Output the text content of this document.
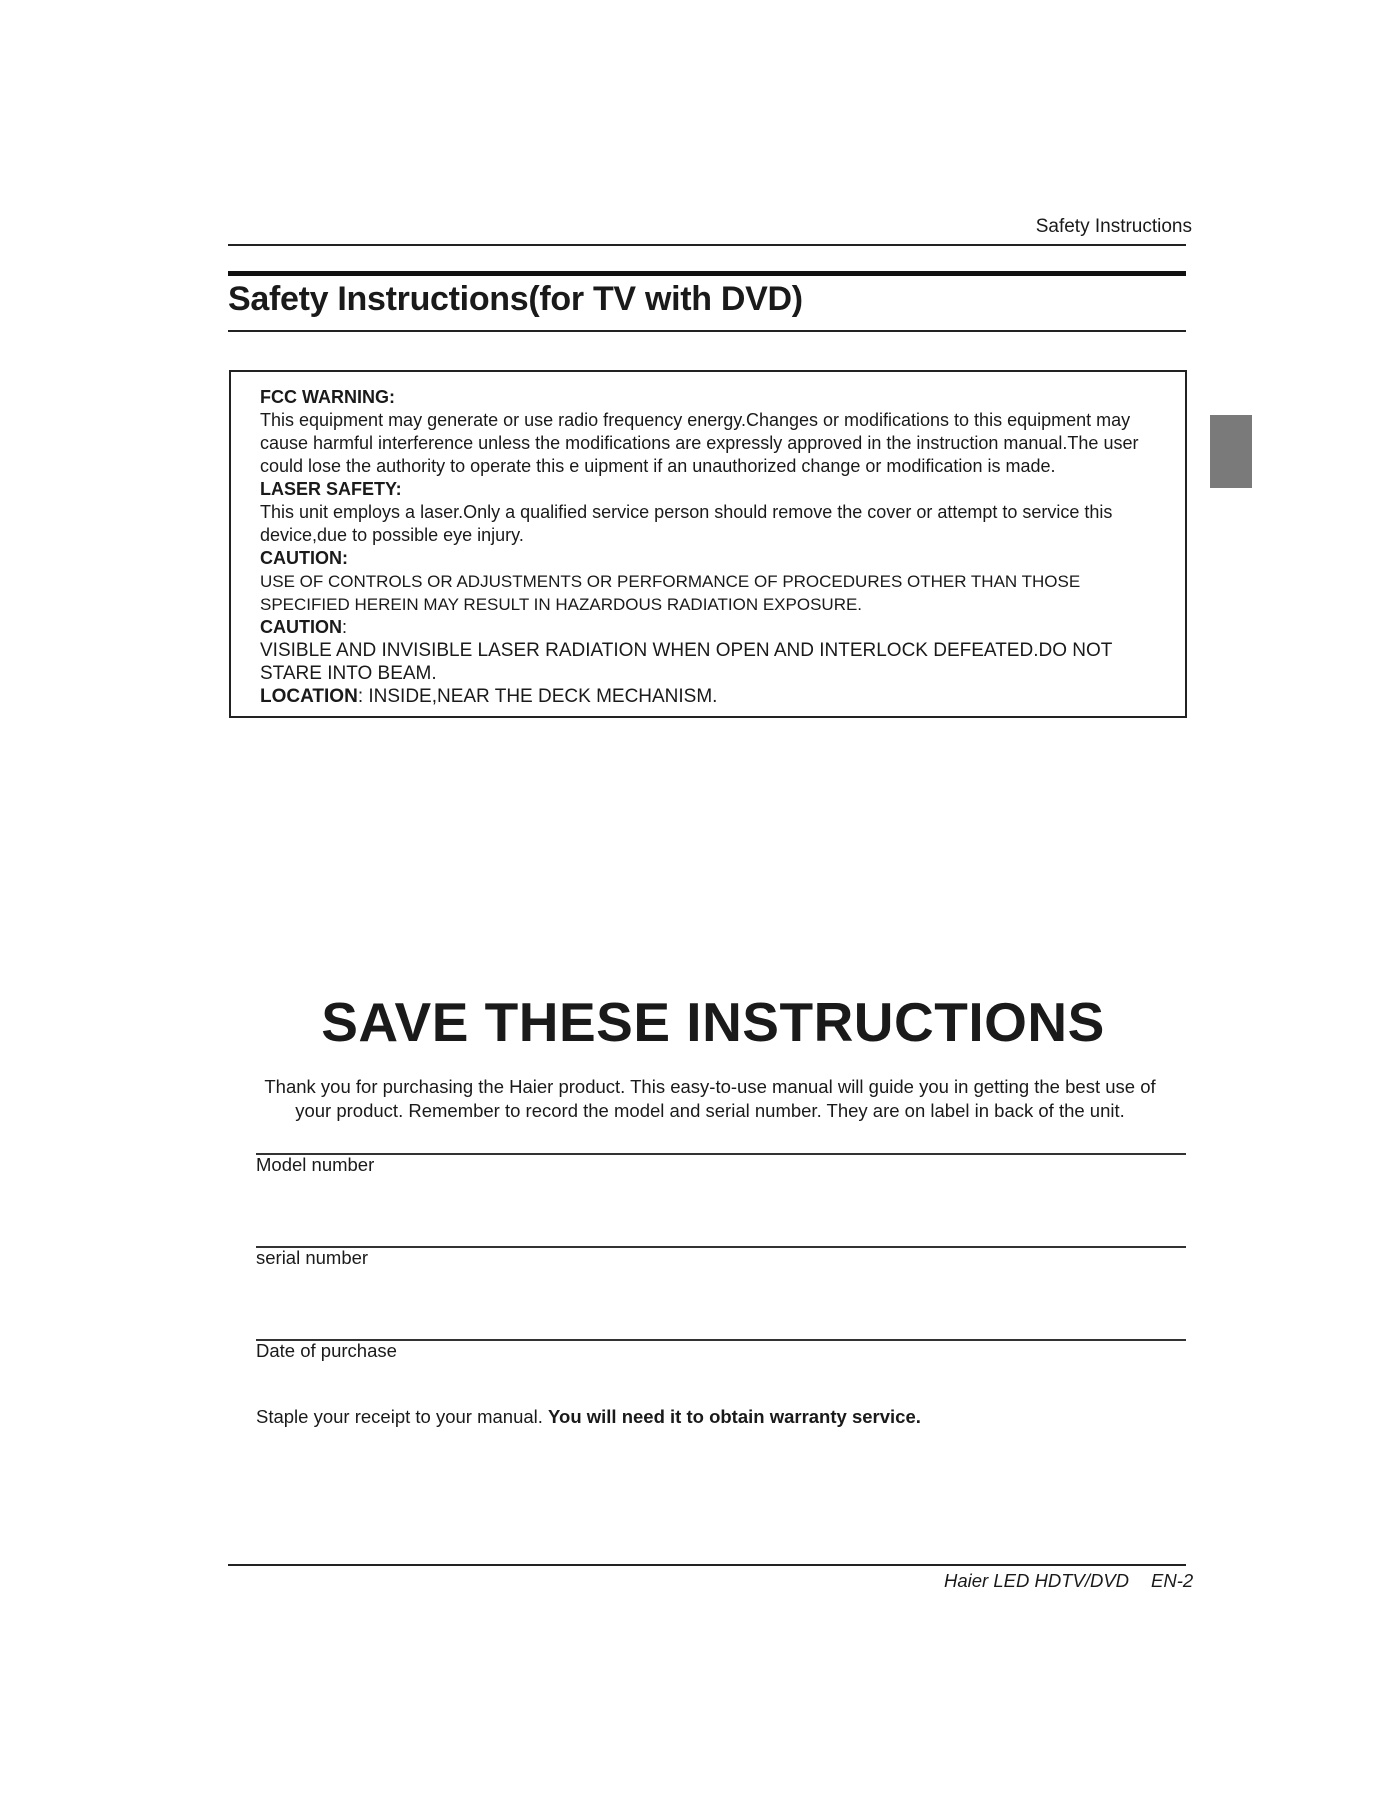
Safety Instructions
Safety Instructions(for TV with DVD)

FCC WARNING:

This equipment may generate or use radio frequency energy.Changes or modifications to this equipment may cause harmful interference unless the modifications are expressly approved in the instruction manual.The user could lose the authority to operate this e uipment if an unauthorized change or modification is made.

LASER SAFETY:

This unit employs a laser.Only a qualified service person should remove the cover or attempt to service this device,due to possible eye injury.

CAUTION:

USE OF CONTROLS OR ADJUSTMENTS OR PERFORMANCE OF PROCEDURES OTHER THAN THOSE SPECIFIED HEREIN MAY RESULT IN HAZARDOUS RADIATION EXPOSURE.

CAUTION:

VISIBLE AND INVISIBLE LASER RADIATION WHEN OPEN AND INTERLOCK DEFEATED.DO NOT STARE INTO BEAM.

LOCATION: INSIDE,NEAR THE DECK MECHANISM.

SAVE THESE INSTRUCTIONS

Thank you for purchasing the Haier product. This easy-to-use manual will guide you in getting the best use of your product. Remember to record the model and serial number. They are on label in back of the unit.

Model number

serial number

Date of purchase

Staple your receipt to your manual. You will need it to obtain warranty service.

Haier LED HDTV/DVD EN-2
